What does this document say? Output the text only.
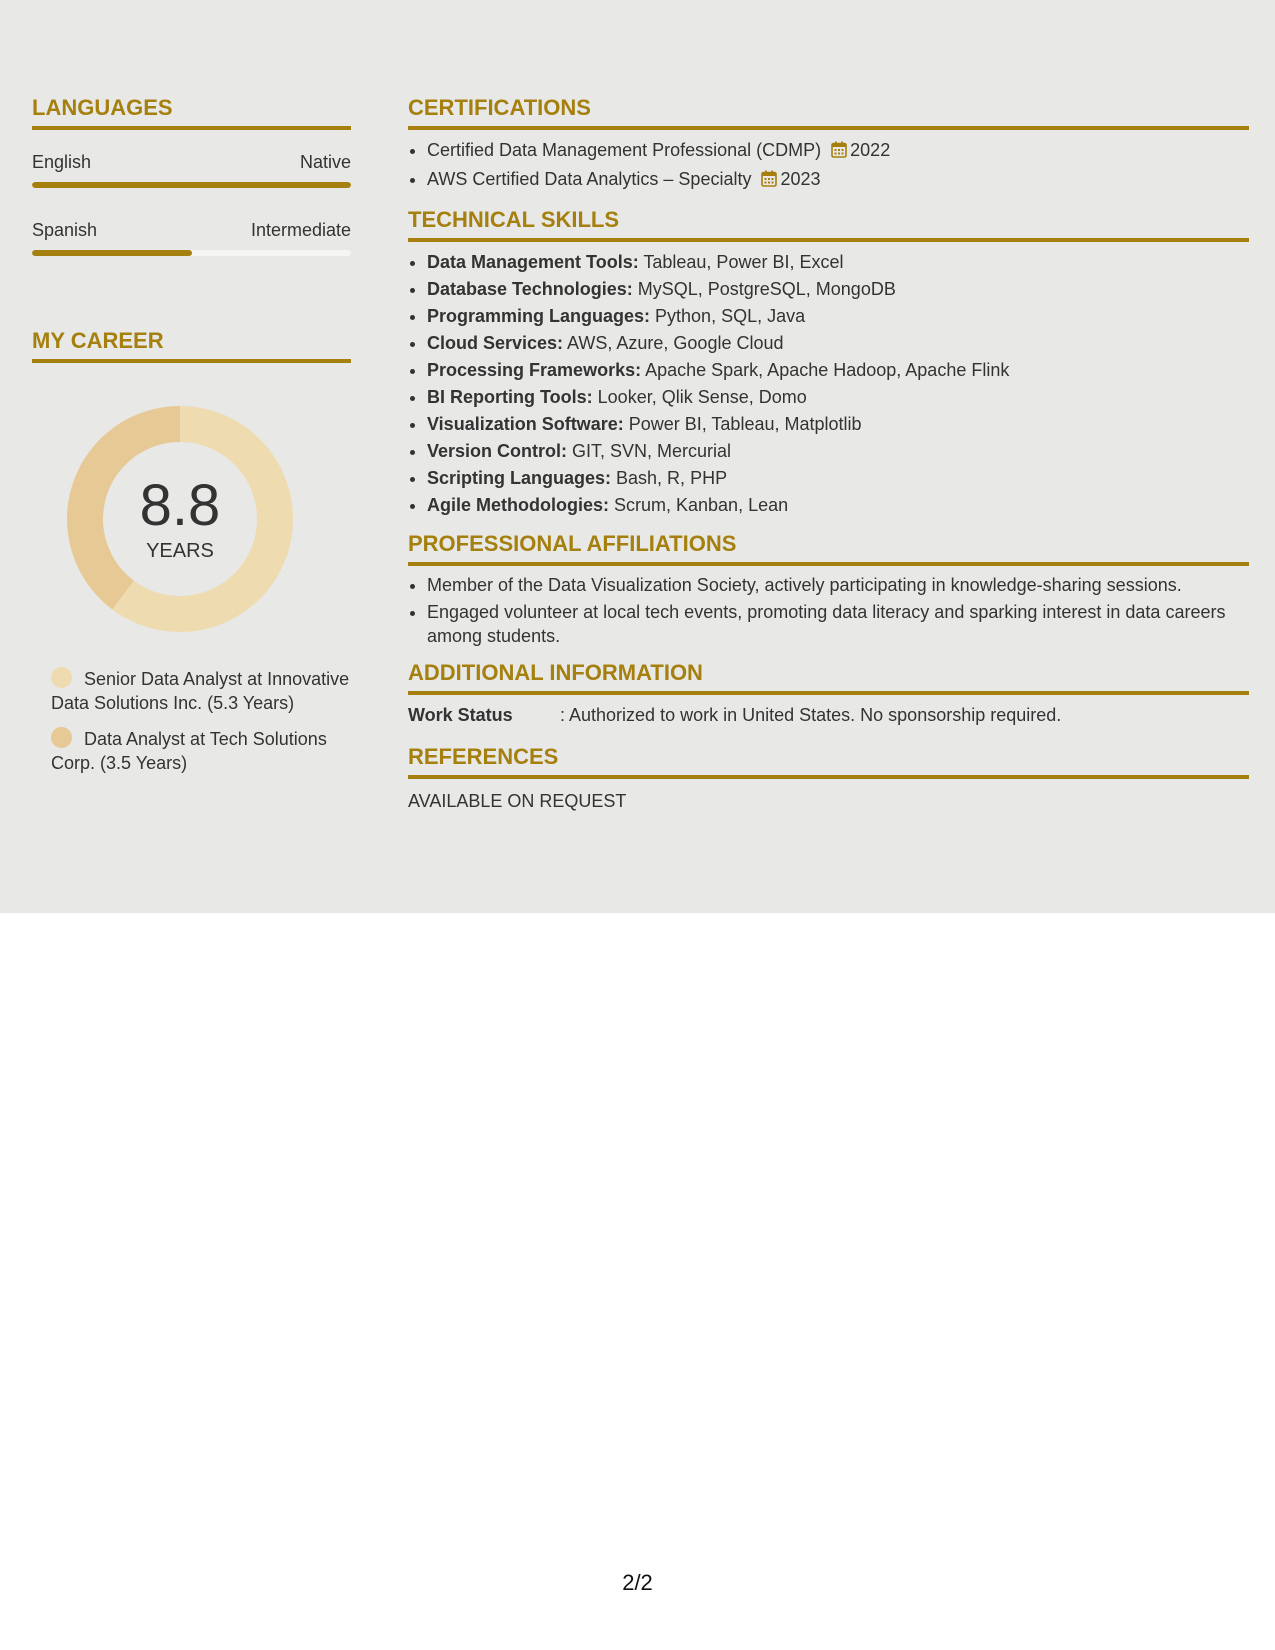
LANGUAGES
English	Native
Spanish	Intermediate
MY CAREER
8.8
YEARS
Senior Data Analyst at Innovative Data Solutions Inc. (5.3 Years)
Data Analyst at Tech Solutions Corp. (3.5 Years)
CERTIFICATIONS
• Certified Data Management Professional (CDMP) 2022
• AWS Certified Data Analytics – Specialty 2023
TECHNICAL SKILLS
• Data Management Tools: Tableau, Power BI, Excel
• Database Technologies: MySQL, PostgreSQL, MongoDB
• Programming Languages: Python, SQL, Java
• Cloud Services: AWS, Azure, Google Cloud
• Processing Frameworks: Apache Spark, Apache Hadoop, Apache Flink
• BI Reporting Tools: Looker, Qlik Sense, Domo
• Visualization Software: Power BI, Tableau, Matplotlib
• Version Control: GIT, SVN, Mercurial
• Scripting Languages: Bash, R, PHP
• Agile Methodologies: Scrum, Kanban, Lean
PROFESSIONAL AFFILIATIONS
• Member of the Data Visualization Society, actively participating in knowledge-sharing sessions.
• Engaged volunteer at local tech events, promoting data literacy and sparking interest in data careers among students.
ADDITIONAL INFORMATION
Work Status	: Authorized to work in United States. No sponsorship required.
REFERENCES
AVAILABLE ON REQUEST
2/2
